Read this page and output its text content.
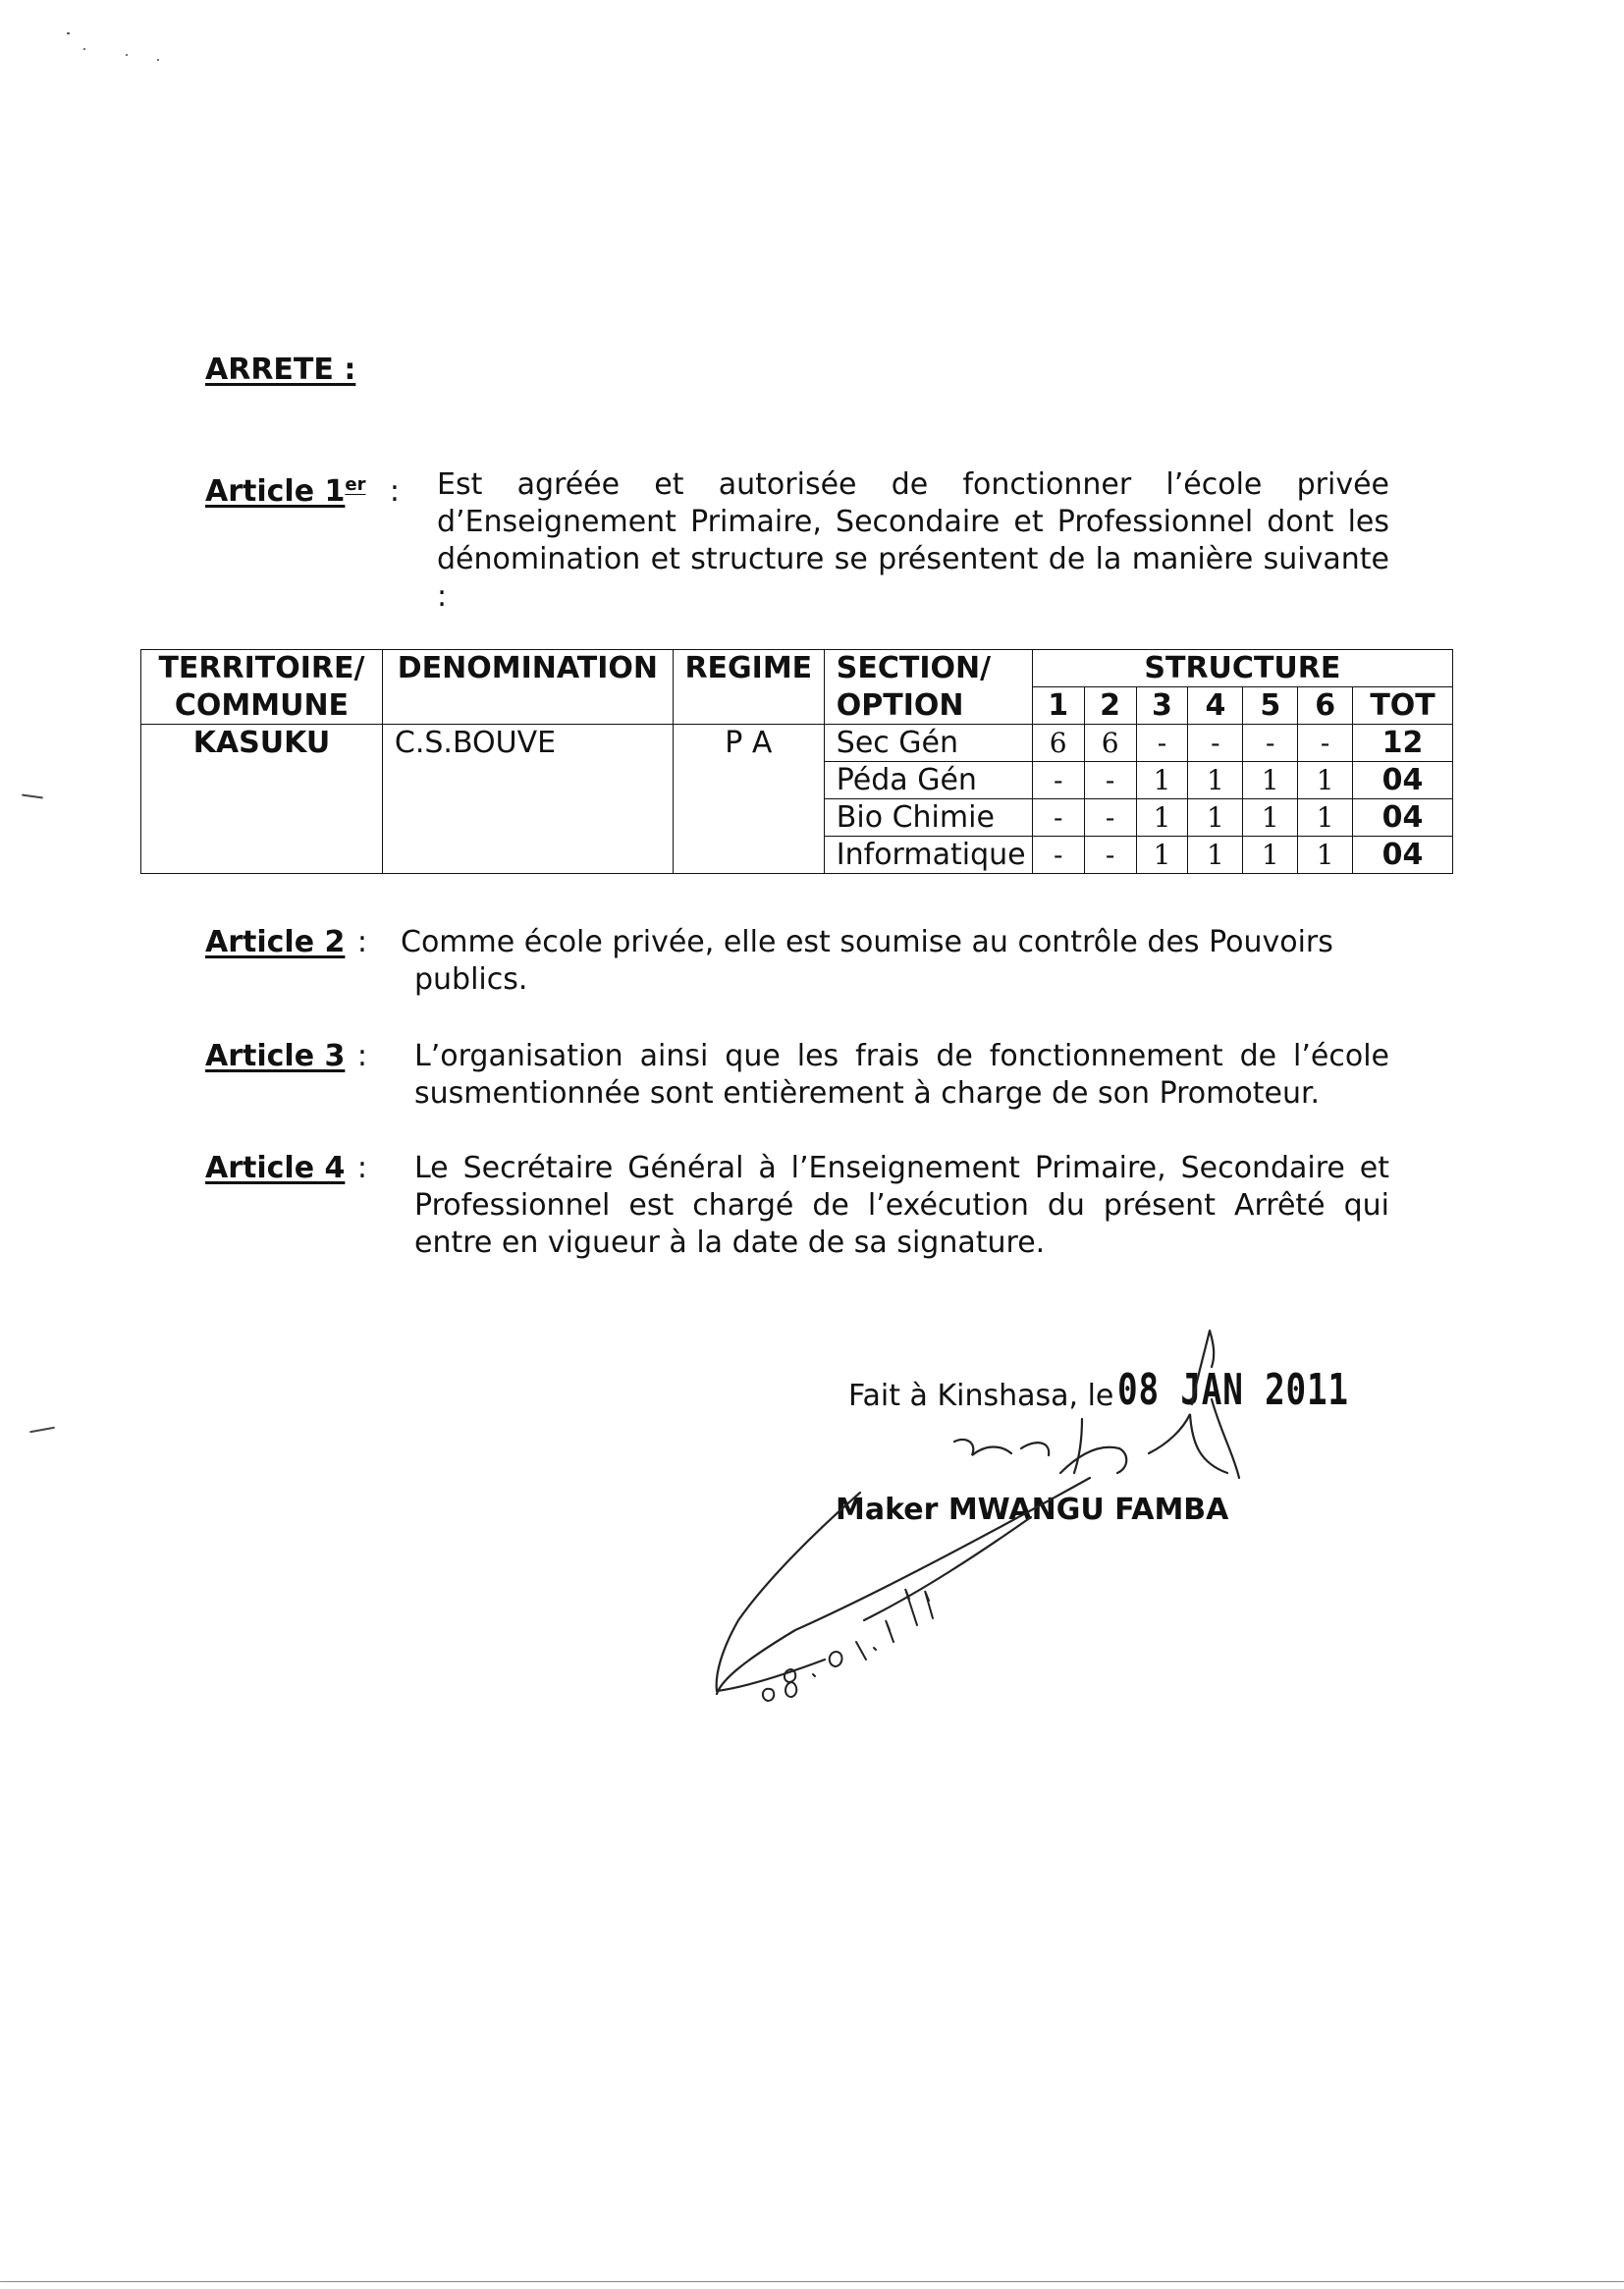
ARRETE :
Article 1er : Est agréée et autorisée de fonctionner l’école privée d’Enseignement Primaire, Secondaire et Professionnel dont les dénomination et structure se présentent de la manière suivante :
TERRITOIRE/	DENOMINATION	REGIME	SECTION/	STRUCTURE						
COMMUNE			OPTION	1	2	3	4	5	6	TOT
KASUKU	C.S.BOUVE	P A	Sec Gén	6	6	-	-	-	-	12
			Péda Gén	-	-	1	1	1	1	04
			Bio Chimie	-	-	1	1	1	1	04
			Informatique	-	-	1	1	1	1	04
Article 2 : Comme école privée, elle est soumise au contrôle des Pouvoirs
publics.
Article 3 : L’organisation ainsi que les frais de fonctionnement de l’école susmentionnée sont entièrement à charge de son Promoteur.
Article 4 : Le Secrétaire Général à l’Enseignement Primaire, Secondaire et Professionnel est chargé de l’exécution du présent Arrêté qui entre en vigueur à la date de sa signature.
Fait à Kinshasa, le 08 JAN 2011
Maker MWANGU FAMBA
